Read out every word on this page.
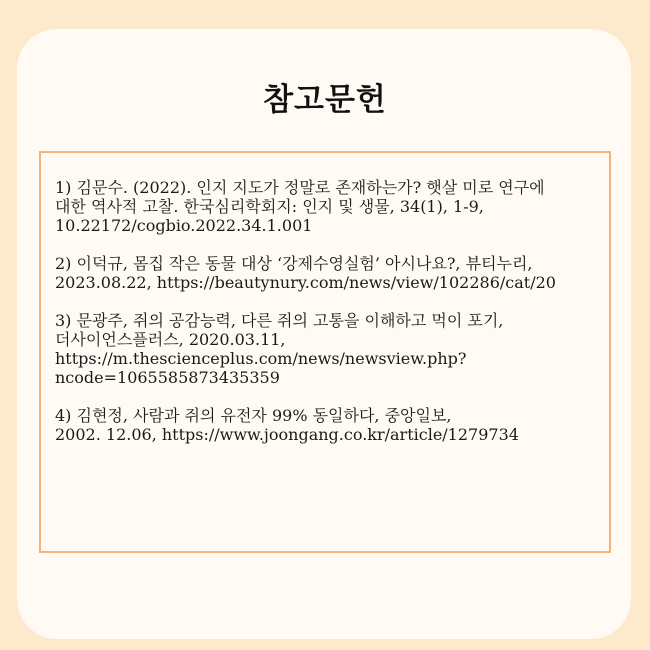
참고문헌
1) 김문수. (2022). 인지 지도가 정말로 존재하는가? 햇살 미로 연구에
대한 역사적 고찰. 한국심리학회지: 인지 및 생물, 34(1), 1-9,
10.22172/cogbio.2022.34.1.001
2) 이덕규, 몸집 작은 동물 대상 ‘강제수영실험’ 아시나요?, 뷰티누리,
2023.08.22, https://beautynury.com/news/view/102286/cat/20
3) 문광주, 쥐의 공감능력, 다른 쥐의 고통을 이해하고 먹이 포기,
더사이언스플러스, 2020.03.11,
https://m.thescienceplus.com/news/newsview.php?
ncode=1065585873435359
4) 김현정, 사람과 쥐의 유전자 99% 동일하다, 중앙일보,
2002. 12.06, https://www.joongang.co.kr/article/1279734
